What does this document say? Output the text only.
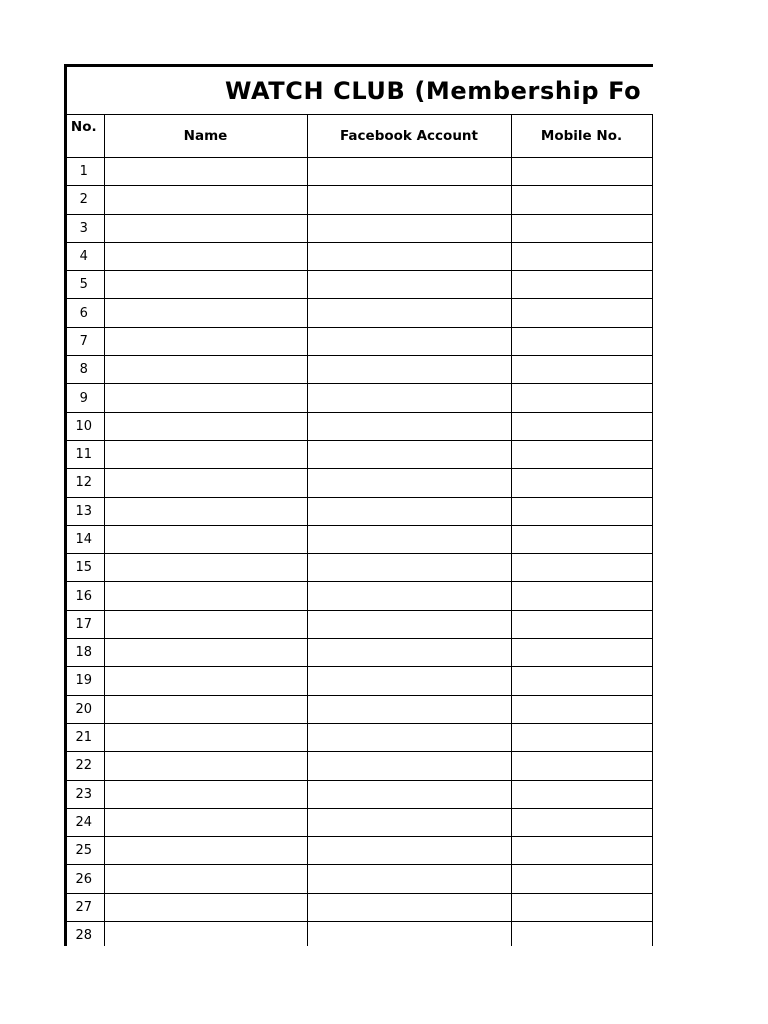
WATCH CLUB (Membership Fo
No.	Name	Facebook Account	Mobile No.	
1				
2				
3				
4				
5				
6				
7				
8				
9				
10				
11				
12				
13				
14				
15				
16				
17				
18				
19				
20				
21				
22				
23				
24				
25				
26				
27				
28				
